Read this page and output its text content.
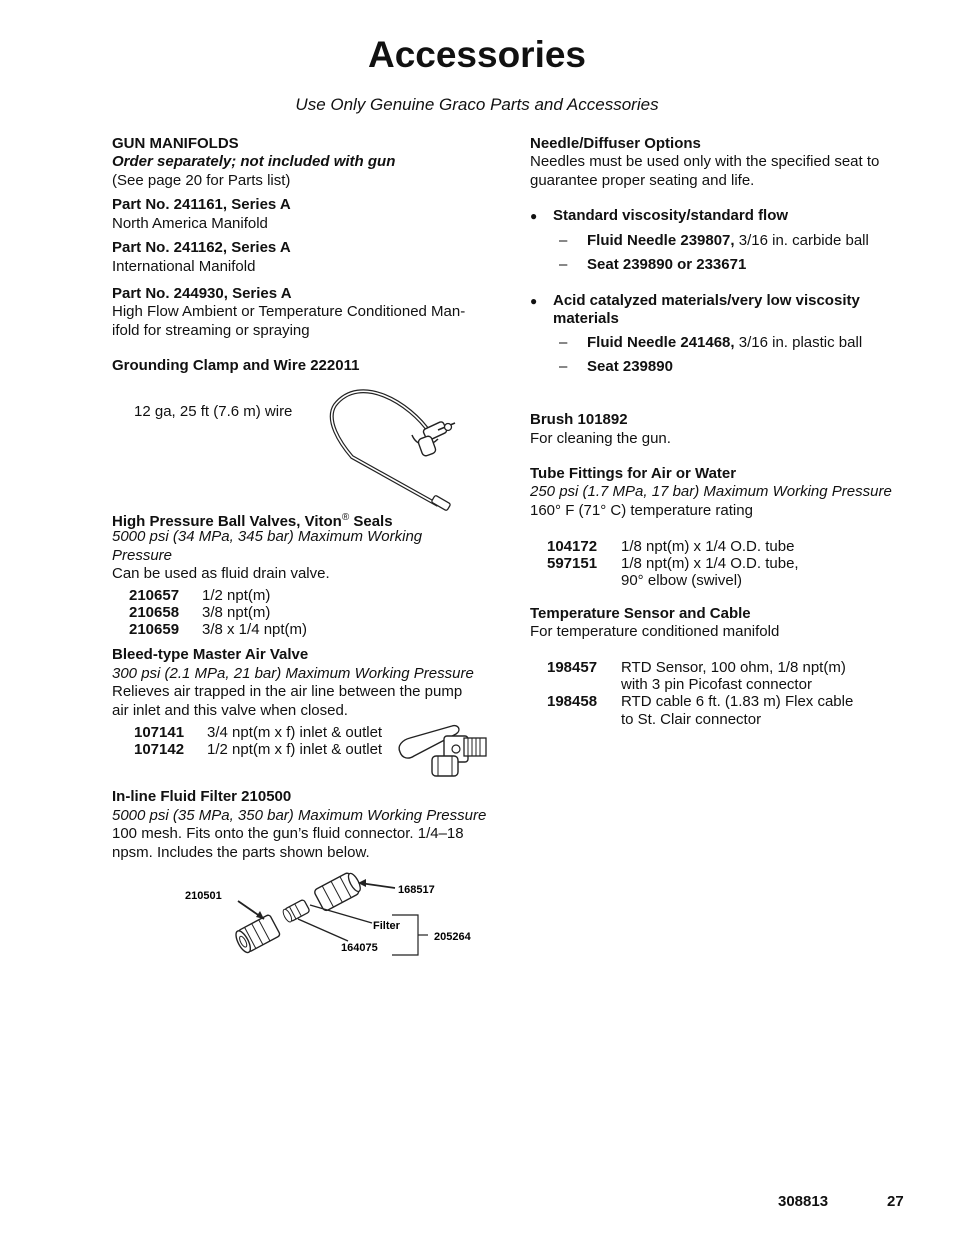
Accessories
Use Only Genuine Graco Parts and Accessories
GUN MANIFOLDS
Order separately; not included with gun
(See page 20 for Parts list)
Part No. 241161, Series A
North America Manifold
Part No. 241162, Series A
International Manifold
Part No. 244930, Series A
High Flow Ambient or Temperature Conditioned Man-
ifold for streaming or spraying
Grounding Clamp and Wire 222011
12 ga, 25 ft (7.6 m) wire
High Pressure Ball Valves, Viton® Seals
5000 psi (34 MPa, 345 bar) Maximum Working
Pressure
Can be used as fluid drain valve.
210657 1/2 npt(m)
210658 3/8 npt(m)
210659 3/8 x 1/4 npt(m)
Bleed-type Master Air Valve
300 psi (2.1 MPa, 21 bar) Maximum Working Pressure
Relieves air trapped in the air line between the pump
air inlet and this valve when closed.
107141 3/4 npt(m x f) inlet & outlet
107142 1/2 npt(m x f) inlet & outlet
In-line Fluid Filter 210500
5000 psi (35 MPa, 350 bar) Maximum Working Pressure
100 mesh. Fits onto the gun’s fluid connector. 1/4–18
npsm. Includes the parts shown below.
210501	168517
Filter
205264
164075
Needle/Diffuser Options
Needles must be used only with the specified seat to
guarantee proper seating and life.
● Standard viscosity/standard flow
– Fluid Needle 239807, 3/16 in. carbide ball
– Seat 239890 or 233671
● Acid catalyzed materials/very low viscosity
materials
– Fluid Needle 241468, 3/16 in. plastic ball
– Seat 239890
Brush 101892
For cleaning the gun.
Tube Fittings for Air or Water
250 psi (1.7 MPa, 17 bar) Maximum Working Pressure
160° F (71° C) temperature rating
104172 1/8 npt(m) x 1/4 O.D. tube
597151 1/8 npt(m) x 1/4 O.D. tube,
90° elbow (swivel)
Temperature Sensor and Cable
For temperature conditioned manifold
198457 RTD Sensor, 100 ohm, 1/8 npt(m)
with 3 pin Picofast connector
198458 RTD cable 6 ft. (1.83 m) Flex cable
to St. Clair connector
308813	27
